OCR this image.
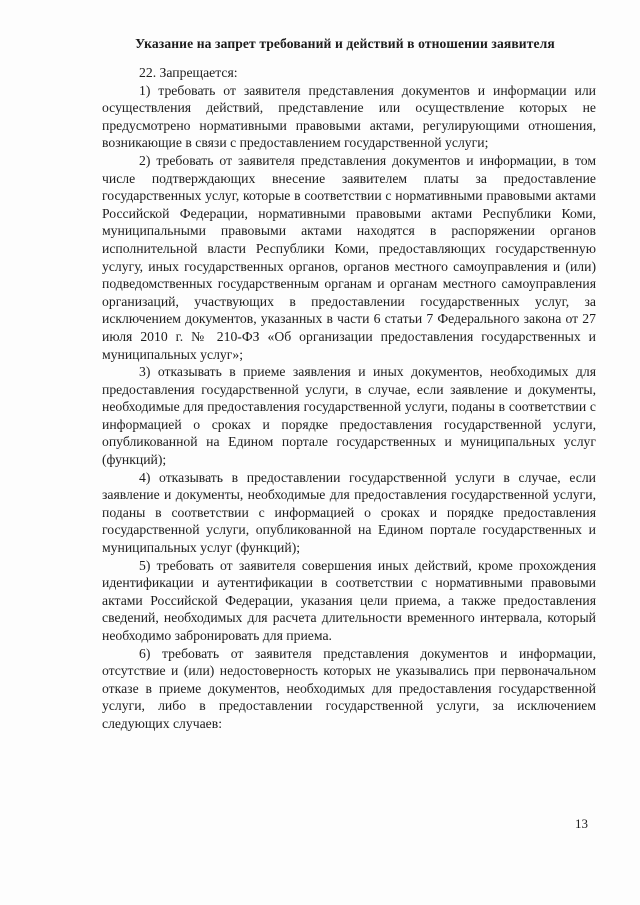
Указание на запрет требований и действий в отношении заявителя

22. Запрещается:

1) требовать от заявителя представления документов и информации или осуществления действий, представление или осуществление которых не предусмотрено нормативными правовыми актами, регулирующими отношения, возникающие в связи с предоставлением государственной услуги;

2) требовать от заявителя представления документов и информации, в том числе подтверждающих внесение заявителем платы за предоставление государственных услуг, которые в соответствии с нормативными правовыми актами Российской Федерации, нормативными правовыми актами Республики Коми, муниципальными правовыми актами находятся в распоряжении органов исполнительной власти Республики Коми, предоставляющих государственную услугу, иных государственных органов, органов местного самоуправления и (или) подведомственных государственным органам и органам местного самоуправления организаций, участвующих в предоставлении государственных услуг, за исключением документов, указанных в части 6 статьи 7 Федерального закона от 27 июля 2010 г. № 210-ФЗ «Об организации предоставления государственных и муниципальных услуг»;

3) отказывать в приеме заявления и иных документов, необходимых для предоставления государственной услуги, в случае, если заявление и документы, необходимые для предоставления государственной услуги, поданы в соответствии с информацией о сроках и порядке предоставления государственной услуги, опубликованной на Едином портале государственных и муниципальных услуг (функций);

4) отказывать в предоставлении государственной услуги в случае, если заявление и документы, необходимые для предоставления государственной услуги, поданы в соответствии с информацией о сроках и порядке предоставления государственной услуги, опубликованной на Едином портале государственных и муниципальных услуг (функций);

5) требовать от заявителя совершения иных действий, кроме прохождения идентификации и аутентификации в соответствии с нормативными правовыми актами Российской Федерации, указания цели приема, а также предоставления сведений, необходимых для расчета длительности временного интервала, который необходимо забронировать для приема.

6) требовать от заявителя представления документов и информации, отсутствие и (или) недостоверность которых не указывались при первоначальном отказе в приеме документов, необходимых для предоставления государственной услуги, либо в предоставлении государственной услуги, за исключением следующих случаев:

13
